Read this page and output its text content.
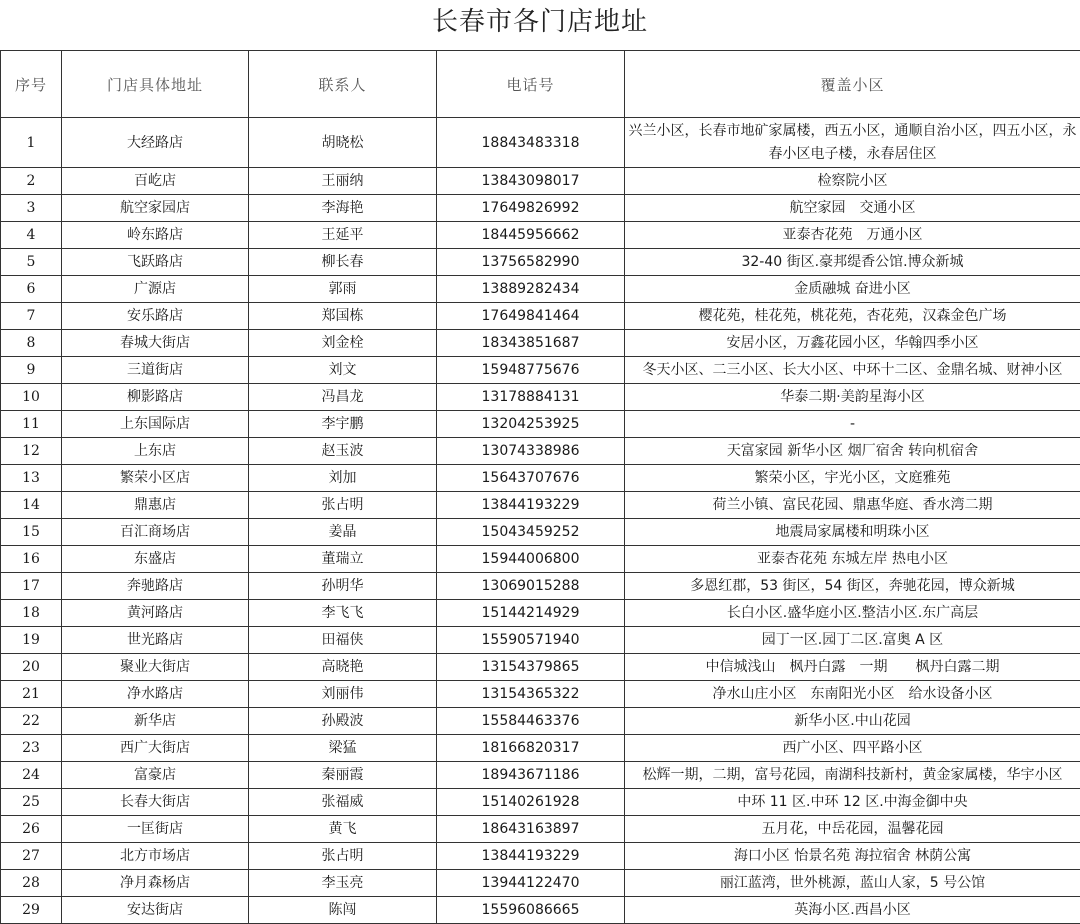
长春市各门店地址
序号	门店具体地址	联系人	电话号	覆盖小区
1	大经路店	胡晓松	18843483318	兴兰小区，长春市地矿家属楼，西五小区，通顺自治小区，四五小区，永春小区电子楼，永春居住区
2	百屹店	王丽纳	13843098017	检察院小区
3	航空家园店	李海艳	17649826992	航空家园　交通小区
4	岭东路店	王延平	18445956662	亚泰杏花苑　万通小区
5	飞跃路店	柳长春	13756582990	32-40 街区.豪邦缇香公馆.博众新城
6	广源店	郭雨	13889282434	金质融城 奋进小区
7	安乐路店	郑国栋	17649841464	樱花苑，桂花苑，桃花苑，杏花苑，汉森金色广场
8	春城大街店	刘金栓	18343851687	安居小区，万鑫花园小区，华翰四季小区
9	三道街店	刘文	15948775676	冬天小区、二三小区、长大小区、中环十二区、金鼎名城、财神小区
10	柳影路店	冯昌龙	13178884131	华泰二期·美韵星海小区
11	上东国际店	李宇鹏	13204253925	-
12	上东店	赵玉波	13074338986	天富家园 新华小区 烟厂宿舍 转向机宿舍
13	繁荣小区店	刘加	15643707676	繁荣小区，宇光小区，文庭雅苑
14	鼎惠店	张占明	13844193229	荷兰小镇、富民花园、鼎惠华庭、香水湾二期
15	百汇商场店	姜晶	15043459252	地震局家属楼和明珠小区
16	东盛店	董瑞立	15944006800	亚泰杏花苑 东城左岸 热电小区
17	奔驰路店	孙明华	13069015288	多恩红郡，53 街区，54 街区，奔驰花园，博众新城
18	黄河路店	李飞飞	15144214929	长白小区.盛华庭小区.整洁小区.东广高层
19	世光路店	田福侠	15590571940	园丁一区.园丁二区.富奥 A 区
20	聚业大街店	高晓艳	13154379865	中信城浅山　枫丹白露　一期　　枫丹白露二期
21	净水路店	刘丽伟	13154365322	净水山庄小区　东南阳光小区　给水设备小区
22	新华店	孙殿波	15584463376	新华小区.中山花园
23	西广大街店	梁猛	18166820317	西广小区、四平路小区
24	富豪店	秦丽霞	18943671186	松辉一期，二期，富号花园，南湖科技新村，黄金家属楼，华宇小区
25	长春大街店	张福威	15140261928	中环 11 区.中环 12 区.中海金御中央
26	一匡街店	黄飞	18643163897	五月花，中岳花园，温馨花园
27	北方市场店	张占明	13844193229	海口小区 怡景名苑 海拉宿舍 林荫公寓
28	净月森杨店	李玉亮	13944122470	丽江蓝湾，世外桃源，蓝山人家，5 号公馆
29	安达街店	陈闯	15596086665	英海小区.西昌小区
